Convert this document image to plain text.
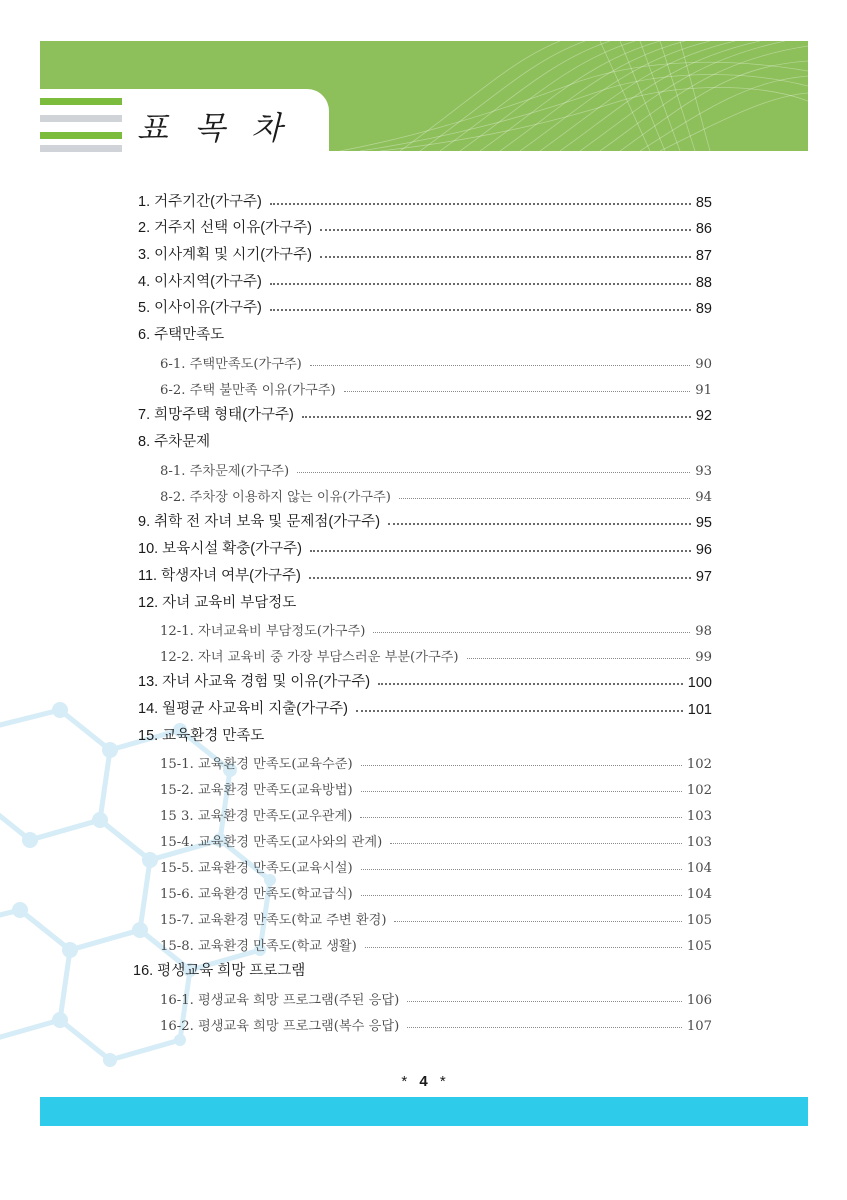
표 목 차
1. 거주기간(가구주)	85
2. 거주지 선택 이유(가구주)	86
3. 이사계획 및 시기(가구주)	87
4. 이사지역(가구주)	88
5. 이사이유(가구주)	89
6. 주택만족도
6-1. 주택만족도(가구주)	90
6-2. 주택 불만족 이유(가구주)	91
7. 희망주택 형태(가구주)	92
8. 주차문제
8-1. 주차문제(가구주)	93
8-2. 주차장 이용하지 않는 이유(가구주)	94
9. 취학 전 자녀 보육 및 문제점(가구주)	95
10. 보육시설 확충(가구주)	96
11. 학생자녀 여부(가구주)	97
12. 자녀 교육비 부담정도
12-1. 자녀교육비 부담정도(가구주)	98
12-2. 자녀 교육비 중 가장 부담스러운 부분(가구주)	99
13. 자녀 사교육 경험 및 이유(가구주)	100
14. 월평균 사교육비 지출(가구주)	101
15. 교육환경 만족도
15-1. 교육환경 만족도(교육수준)	102
15-2. 교육환경 만족도(교육방법)	102
15 3. 교육환경 만족도(교우관계)	103
15-4. 교육환경 만족도(교사와의 관계)	103
15-5. 교육환경 만족도(교육시설)	104
15-6. 교육환경 만족도(학교급식)	104
15-7. 교육환경 만족도(학교 주변 환경)	105
15-8. 교육환경 만족도(학교 생활)	105
16. 평생교육 희망 프로그램
16-1. 평생교육 희망 프로그램(주된 응답)	106
16-2. 평생교육 희망 프로그램(복수 응답)	107
* 4 *
